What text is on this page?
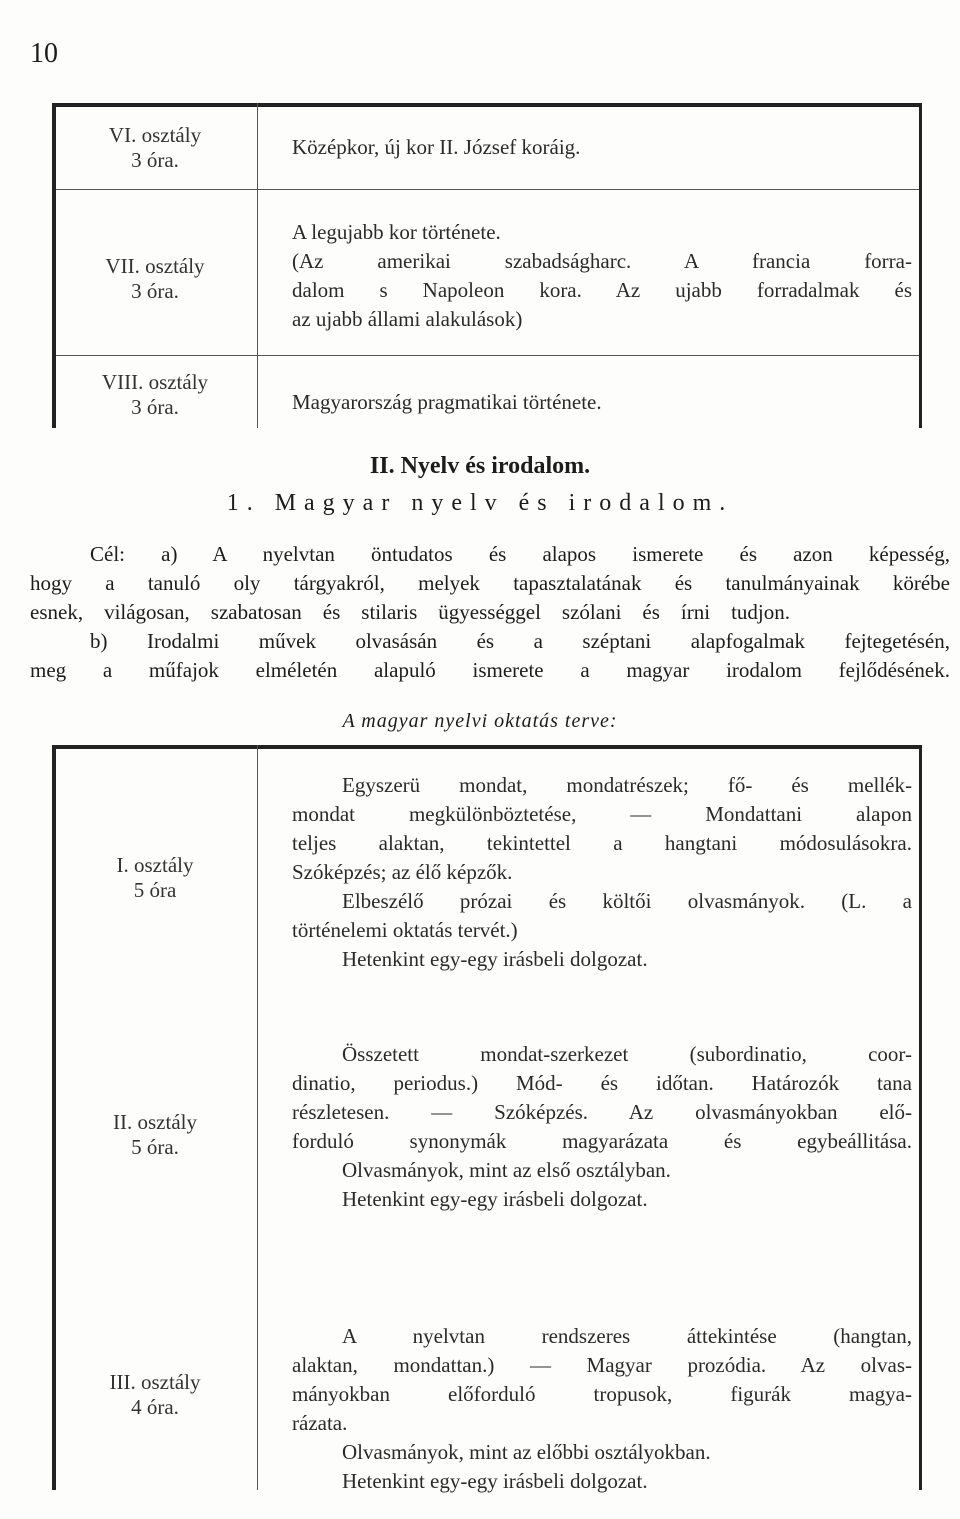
10
VI. osztály
3 óra.
Középkor, új kor II. József koráig.
VII. osztály
3 óra.
A legujabb kor története.
(Az amerikai szabadságharc. A francia forra-
dalom s Napoleon kora. Az ujabb forradalmak és
az ujabb állami alakulások)
VIII. osztály
3 óra.	Magyarország pragmatikai története.
II. Nyelv és irodalom.
1. Magyar nyelv és irodalom.
Cél: a) A nyelvtan öntudatos és alapos ismerete és azon képesség,
hogy a tanuló oly tárgyakról, melyek tapasztalatának és tanulmányainak körébe
esnek, világosan, szabatosan és stilaris ügyességgel szólani és írni tudjon.
b) Irodalmi művek olvasásán és a széptani alapfogalmak fejtegetésén,
meg a műfajok elméletén alapuló ismerete a magyar irodalom fejlődésének.
A magyar nyelvi oktatás terve:
I. osztály
5 óra
Egyszerü mondat, mondatrészek; fő- és mellék-
mondat megkülönböztetése, — Mondattani alapon
teljes alaktan, tekintettel a hangtani módosulásokra.
Szóképzés; az élő képzők.
Elbeszélő prózai és költői olvasmányok. (L. a
történelemi oktatás tervét.)
Hetenkint egy-egy irásbeli dolgozat.
II. osztály
5 óra.
Összetett mondat-szerkezet (subordinatio, coor-
dinatio, periodus.) Mód- és időtan. Határozók tana
részletesen. — Szóképzés. Az olvasmányokban elő-
forduló synonymák magyarázata és egybeállitása.
Olvasmányok, mint az első osztályban.
Hetenkint egy-egy irásbeli dolgozat.
III. osztály
4 óra.
A nyelvtan rendszeres áttekintése (hangtan,
alaktan, mondattan.) — Magyar prozódia. Az olvas-
mányokban előforduló tropusok, figurák magya-
rázata.
Olvasmányok, mint az előbbi osztályokban.
Hetenkint egy-egy irásbeli dolgozat.
